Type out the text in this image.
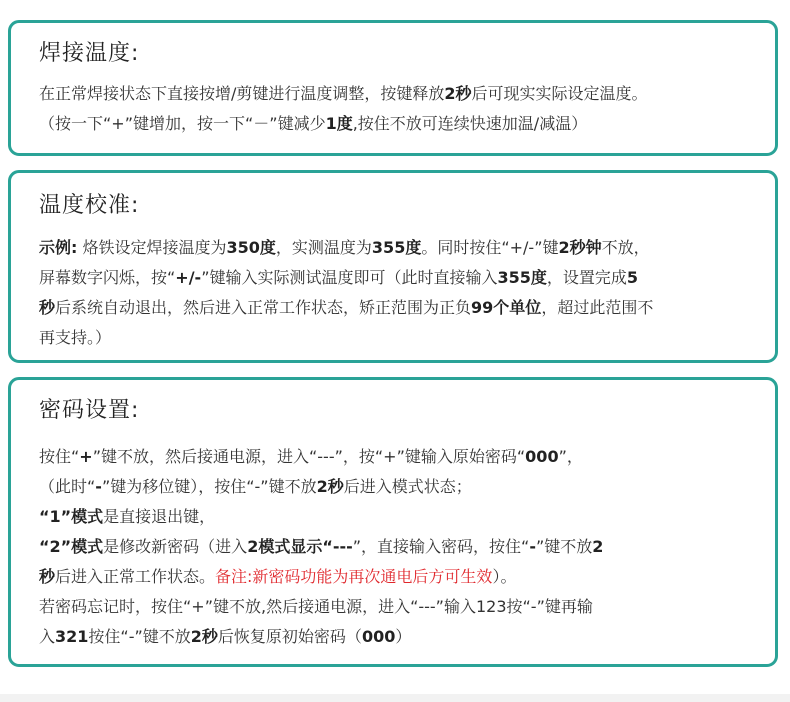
焊接温度:
在正常焊接状态下直接按增/剪键进行温度调整，按键释放2秒后可现实实际设定温度。
（按一下“+”键增加，按一下“－”键减少1度,按住不放可连续快速加温/减温）
温度校准:
示例: 烙铁设定焊接温度为350度，实测温度为355度。同时按住“+/-”键2秒钟不放，
屏幕数字闪烁，按“+/-”键输入实际测试温度即可（此时直接输入355度，设置完成5
秒后系统自动退出，然后进入正常工作状态，矫正范围为正负99个单位，超过此范围不
再支持。）
密码设置:
按住“+”键不放，然后接通电源，进入“---”，按“+”键输入原始密码“000”，
（此时“-”键为移位键），按住“-”键不放2秒后进入模式状态；
“1”模式是直接退出键，
“2”模式是修改新密码（进入2模式显示“---”，直接输入密码，按住“-”键不放2
秒后进入正常工作状态。备注:新密码功能为再次通电后方可生效）。
若密码忘记时，按住“+”键不放,然后接通电源，进入“---”输入123按“-”键再输
入321按住“-”键不放2秒后恢复原初始密码（000）
